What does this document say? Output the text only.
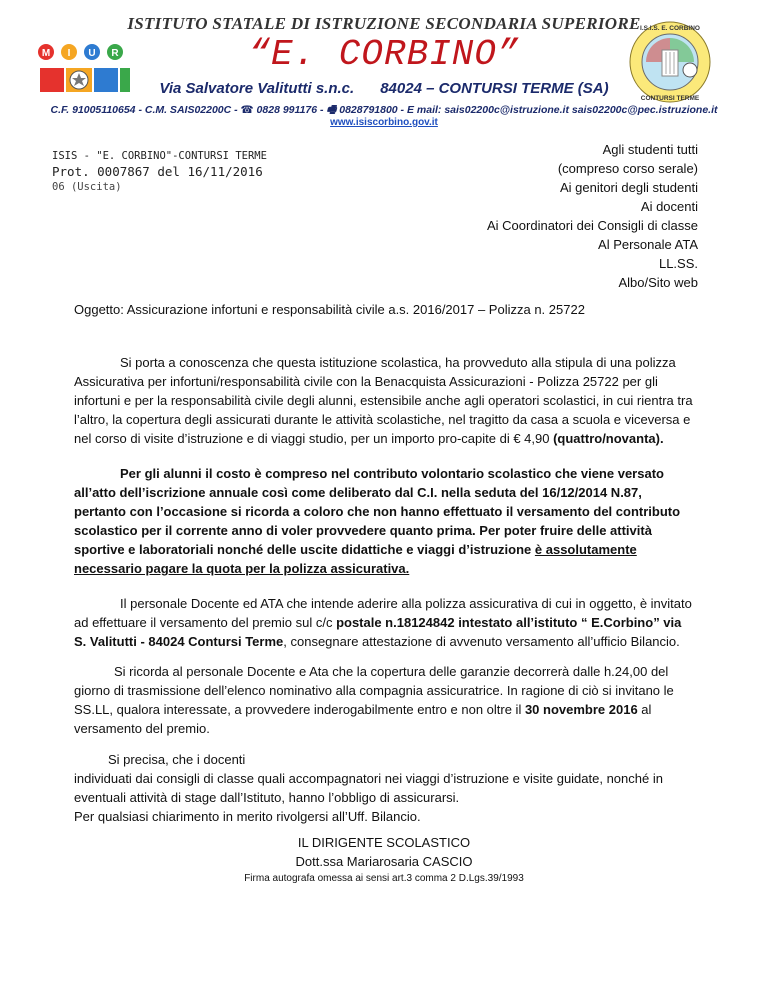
ISTITUTO STATALE DI ISTRUZIONE SECONDARIA SUPERIORE
“E. CORBINO”
M I U R
I.S.I.S. E. CORBINO
CONTURSI TERME
Via Salvatore Valitutti s.n.c. 84024 – CONTURSI TERME (SA)
C.F. 91005110654 - C.M. SAIS02200C - ☎ 0828 991176 - 🖷 0828791800 - E mail: sais02200c@istruzione.it sais02200c@pec.istruzione.it
www.isiscorbino.gov.it
ISIS - "E. CORBINO"-CONTURSI TERME
Prot. 0007867 del 16/11/2016
06 (Uscita)
Agli studenti tutti
(compreso corso serale)
Ai genitori degli studenti
Ai docenti
Ai Coordinatori dei Consigli di classe
Al Personale ATA
LL.SS.
Albo/Sito web
Oggetto: Assicurazione infortuni e responsabilità civile a.s. 2016/2017 – Polizza n. 25722
Si porta a conoscenza che questa istituzione scolastica, ha provveduto alla stipula di una polizza Assicurativa per infortuni/responsabilità civile con la Benacquista Assicurazioni - Polizza 25722 per gli infortuni e per la responsabilità civile degli alunni, estensibile anche agli operatori scolastici, in cui rientra tra l’altro, la copertura degli assicurati durante le attività scolastiche, nel tragitto da casa a scuola e viceversa e nel corso di visite d’istruzione e di viaggi studio, per un importo pro-capite di € 4,90 (quattro/novanta).
Per gli alunni il costo è compreso nel contributo volontario scolastico che viene versato all’atto dell’iscrizione annuale così come deliberato dal C.I. nella seduta del 16/12/2014 N.87, pertanto con l’occasione si ricorda a coloro che non hanno effettuato il versamento del contributo scolastico per il corrente anno di voler provvedere quanto prima. Per poter fruire delle attività sportive e laboratoriali nonché delle uscite didattiche e viaggi d’istruzione è assolutamente necessario pagare la quota per la polizza assicurativa.
Il personale Docente ed ATA che intende aderire alla polizza assicurativa di cui in oggetto, è invitato ad effettuare il versamento del premio sul c/c postale n.18124842 intestato all’istituto “ E.Corbino” via S. Valitutti - 84024 Contursi Terme, consegnare attestazione di avvenuto versamento all’ufficio Bilancio.
Si ricorda al personale Docente e Ata che la copertura delle garanzie decorrerà dalle h.24,00 del giorno di trasmissione dell’elenco nominativo alla compagnia assicuratrice. In ragione di ciò si invitano le SS.LL, qualora interessate, a provvedere inderogabilmente entro e non oltre il 30 novembre 2016 al versamento del premio.
Si precisa, che i docenti
individuati dai consigli di classe quali accompagnatori nei viaggi d’istruzione e visite guidate, nonché in eventuali attività di stage dall’Istituto, hanno l’obbligo di assicurarsi.
Per qualsiasi chiarimento in merito rivolgersi all’Uff. Bilancio.
IL DIRIGENTE SCOLASTICO
Dott.ssa Mariarosaria CASCIO
Firma autografa omessa ai sensi art.3 comma 2 D.Lgs.39/1993
